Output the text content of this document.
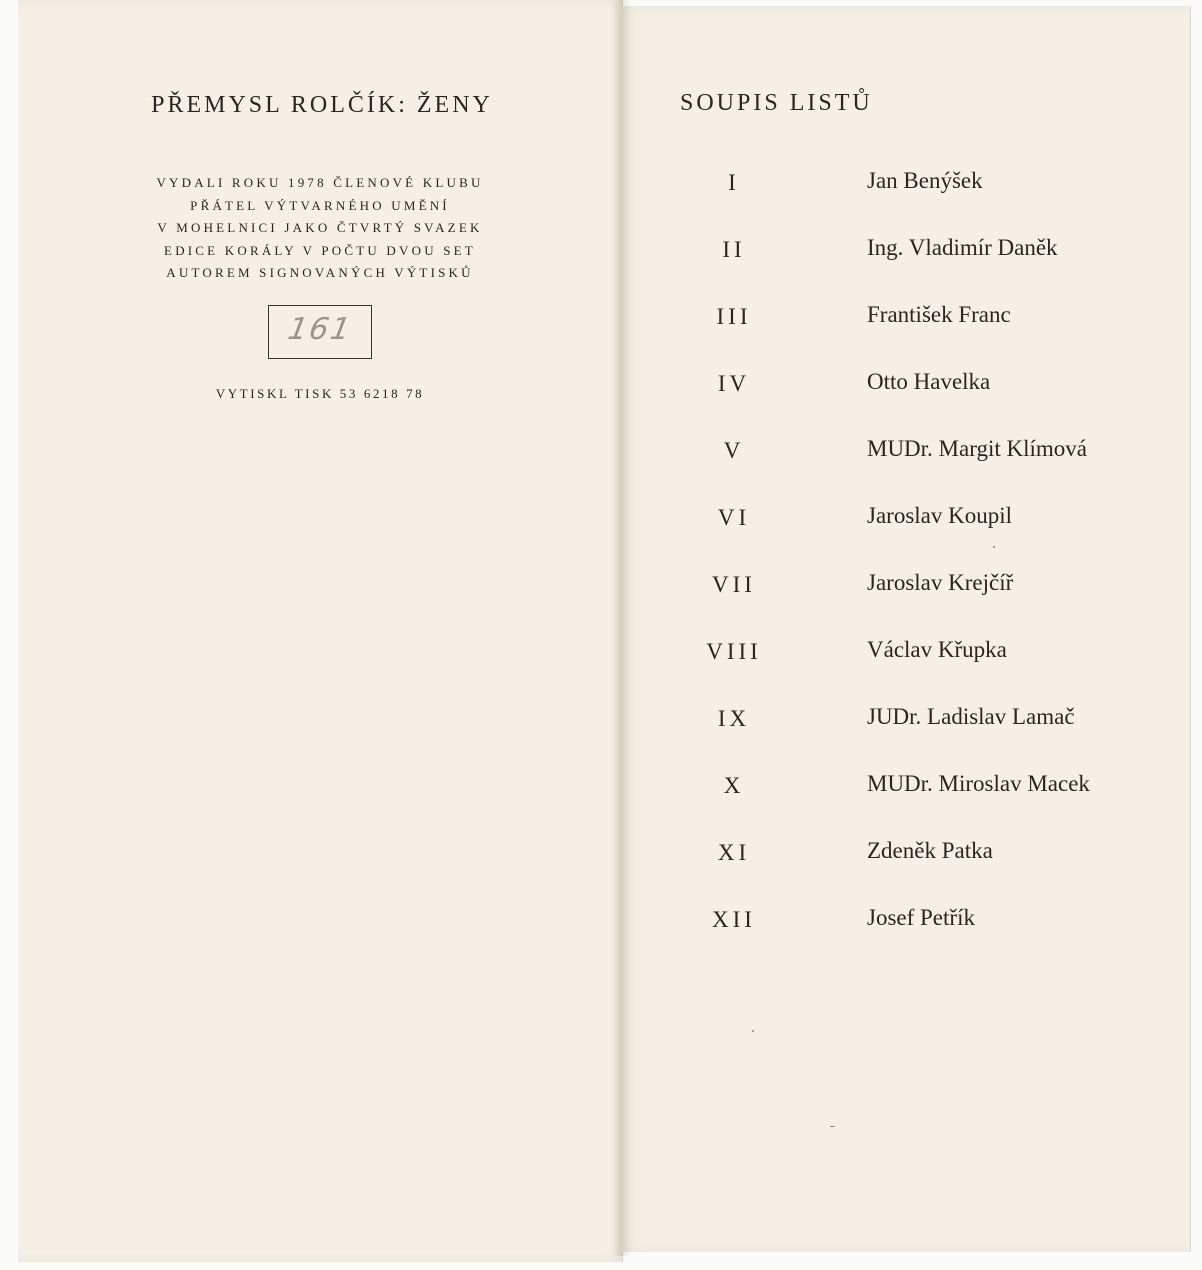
PŘEMYSL ROLČÍK: ŽENY
VYDALI ROKU 1978 ČLENOVÉ KLUBU
PŘÁTEL VÝTVARNÉHO UMĚNÍ
V MOHELNICI JAKO ČTVRTÝ SVAZEK
EDICE KORÁLY V POČTU DVOU SET
AUTOREM SIGNOVANÝCH VÝTISKŮ
161
VYTISKL TISK 53 6218 78
SOUPIS LISTŮ
I	Jan Benýšek
II	Ing. Vladimír Daněk
III	František Franc
IV	Otto Havelka
V	MUDr. Margit Klímová
VI	Jaroslav Koupil
VII	Jaroslav Krejčíř
VIII	Václav Křupka
IX	JUDr. Ladislav Lamač
X	MUDr. Miroslav Macek
XI	Zdeněk Patka
XII	Josef Petřík
